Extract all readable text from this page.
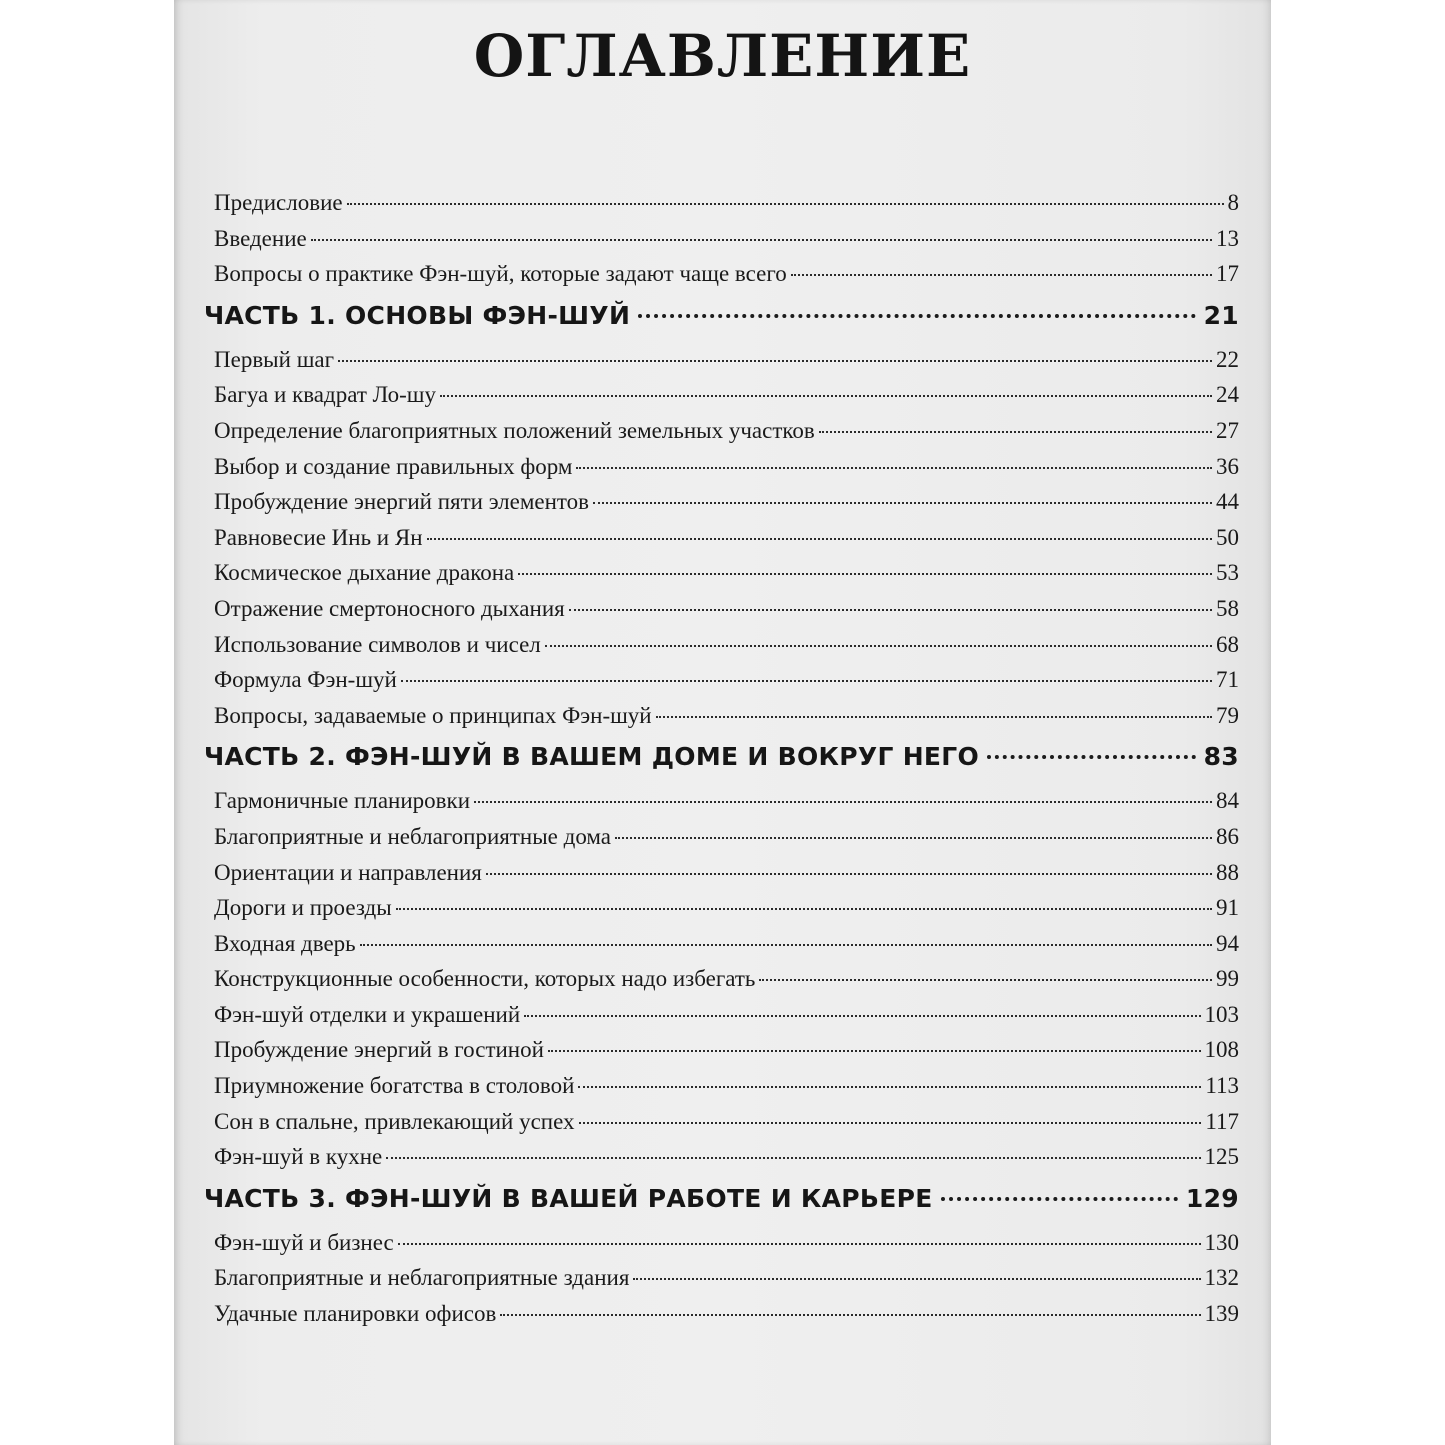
ОГЛАВЛЕНИЕ
Предисловие	8
Введение	13
Вопросы о практике Фэн-шуй, которые задают чаще всего	17
ЧАСТЬ 1. ОСНОВЫ ФЭН-ШУЙ	21
Первый шаг	22
Багуа и квадрат Ло-шу	24
Определение благоприятных положений земельных участков	27
Выбор и создание правильных форм	36
Пробуждение энергий пяти элементов	44
Равновесие Инь и Ян	50
Космическое дыхание дракона	53
Отражение смертоносного дыхания	58
Использование символов и чисел	68
Формула Фэн-шуй	71
Вопросы, задаваемые о принципах Фэн-шуй	79
ЧАСТЬ 2. ФЭН-ШУЙ В ВАШЕМ ДОМЕ И ВОКРУГ НЕГО	83
Гармоничные планировки	84
Благоприятные и неблагоприятные дома	86
Ориентации и направления	88
Дороги и проезды	91
Входная дверь	94
Конструкционные особенности, которых надо избегать	99
Фэн-шуй отделки и украшений	103
Пробуждение энергий в гостиной	108
Приумножение богатства в столовой	113
Сон в спальне, привлекающий успех	117
Фэн-шуй в кухне	125
ЧАСТЬ 3. ФЭН-ШУЙ В ВАШЕЙ РАБОТЕ И КАРЬЕРЕ	129
Фэн-шуй и бизнес	130
Благоприятные и неблагоприятные здания	132
Удачные планировки офисов	139
